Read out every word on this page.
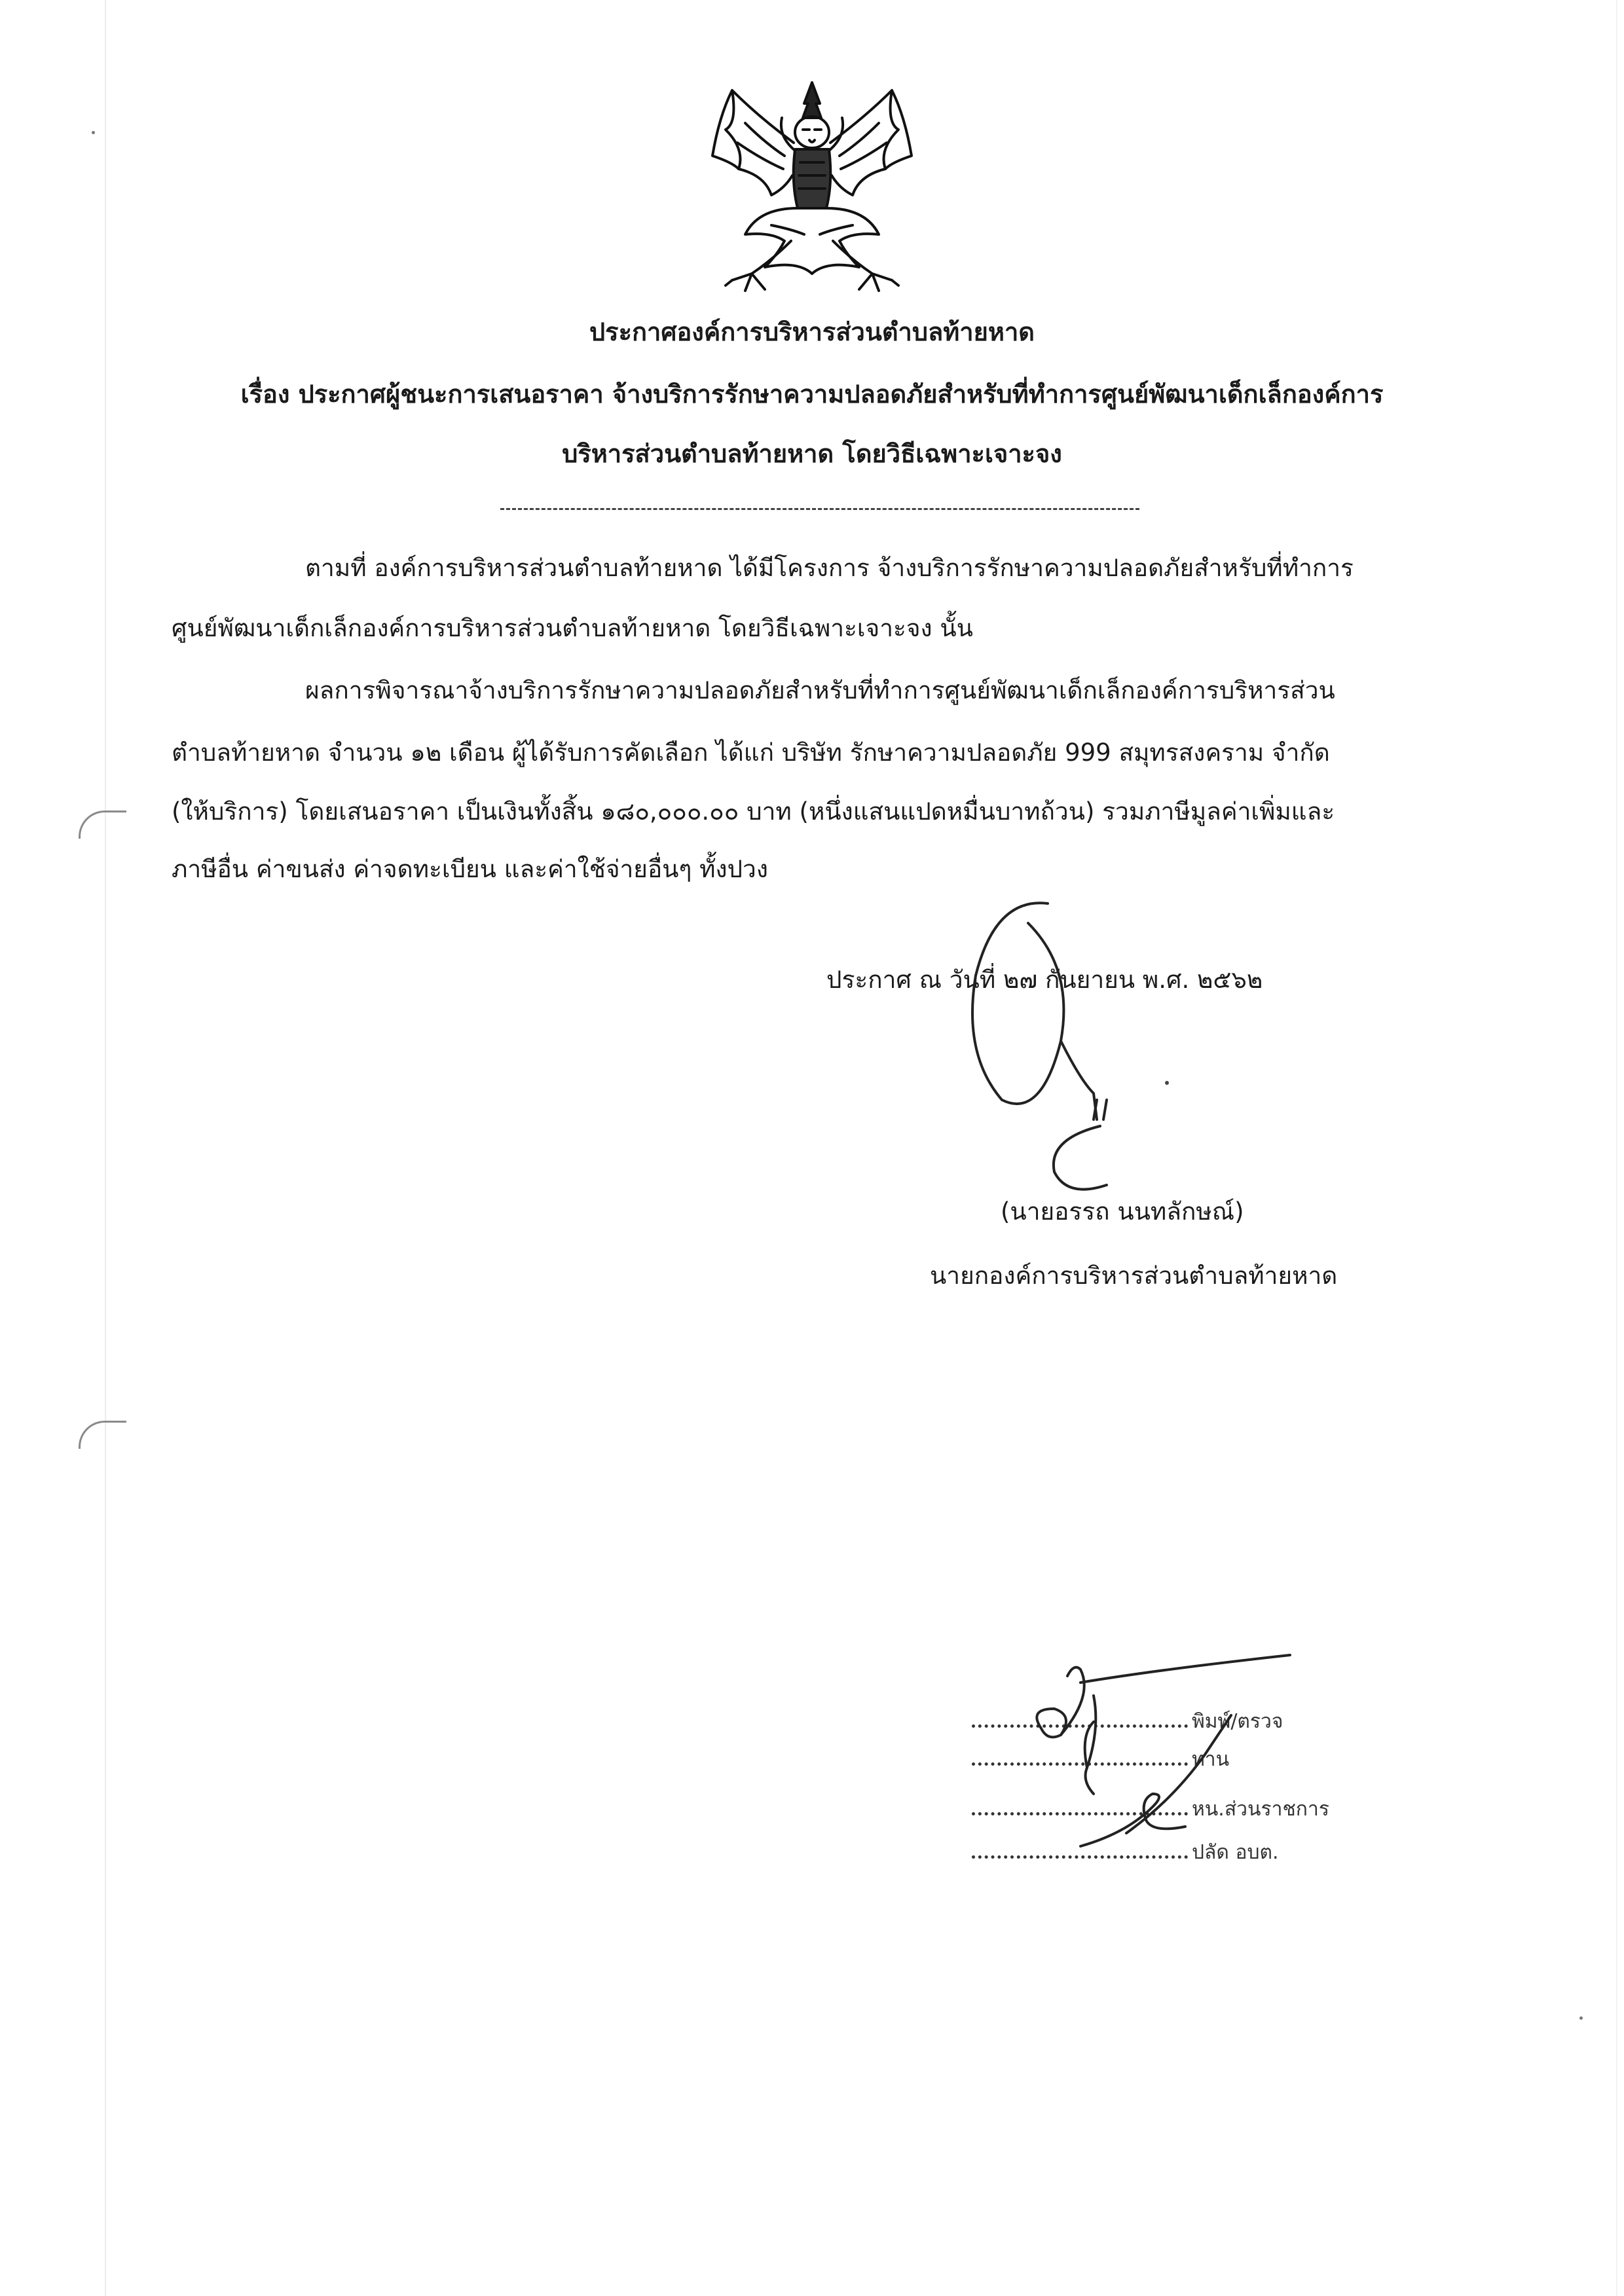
ประกาศองค์การบริหารส่วนตำบลท้ายหาด
เรื่อง ประกาศผู้ชนะการเสนอราคา จ้างบริการรักษาความปลอดภัยสำหรับที่ทำการศูนย์พัฒนาเด็กเล็กองค์การ
บริหารส่วนตำบลท้ายหาด โดยวิธีเฉพาะเจาะจง
ตามที่ องค์การบริหารส่วนตำบลท้ายหาด ได้มีโครงการ จ้างบริการรักษาความปลอดภัยสำหรับที่ทำการ
ศูนย์พัฒนาเด็กเล็กองค์การบริหารส่วนตำบลท้ายหาด โดยวิธีเฉพาะเจาะจง นั้น
ผลการพิจารณาจ้างบริการรักษาความปลอดภัยสำหรับที่ทำการศูนย์พัฒนาเด็กเล็กองค์การบริหารส่วน
ตำบลท้ายหาด จำนวน ๑๒ เดือน ผู้ได้รับการคัดเลือก ได้แก่ บริษัท รักษาความปลอดภัย 999 สมุทรสงคราม จำกัด
(ให้บริการ) โดยเสนอราคา เป็นเงินทั้งสิ้น ๑๘๐,๐๐๐.๐๐ บาท (หนึ่งแสนแปดหมื่นบาทถ้วน) รวมภาษีมูลค่าเพิ่มและ
ภาษีอื่น ค่าขนส่ง ค่าจดทะเบียน และค่าใช้จ่ายอื่นๆ ทั้งปวง
ประกาศ ณ วันที่ ๒๗ กันยายน พ.ศ. ๒๕๖๒
(นายอรรถ นนทลักษณ์)
นายกองค์การบริหารส่วนตำบลท้ายหาด
พิมพ์/ตรวจ
ทาน
หน.ส่วนราชการ
ปลัด อบต.
